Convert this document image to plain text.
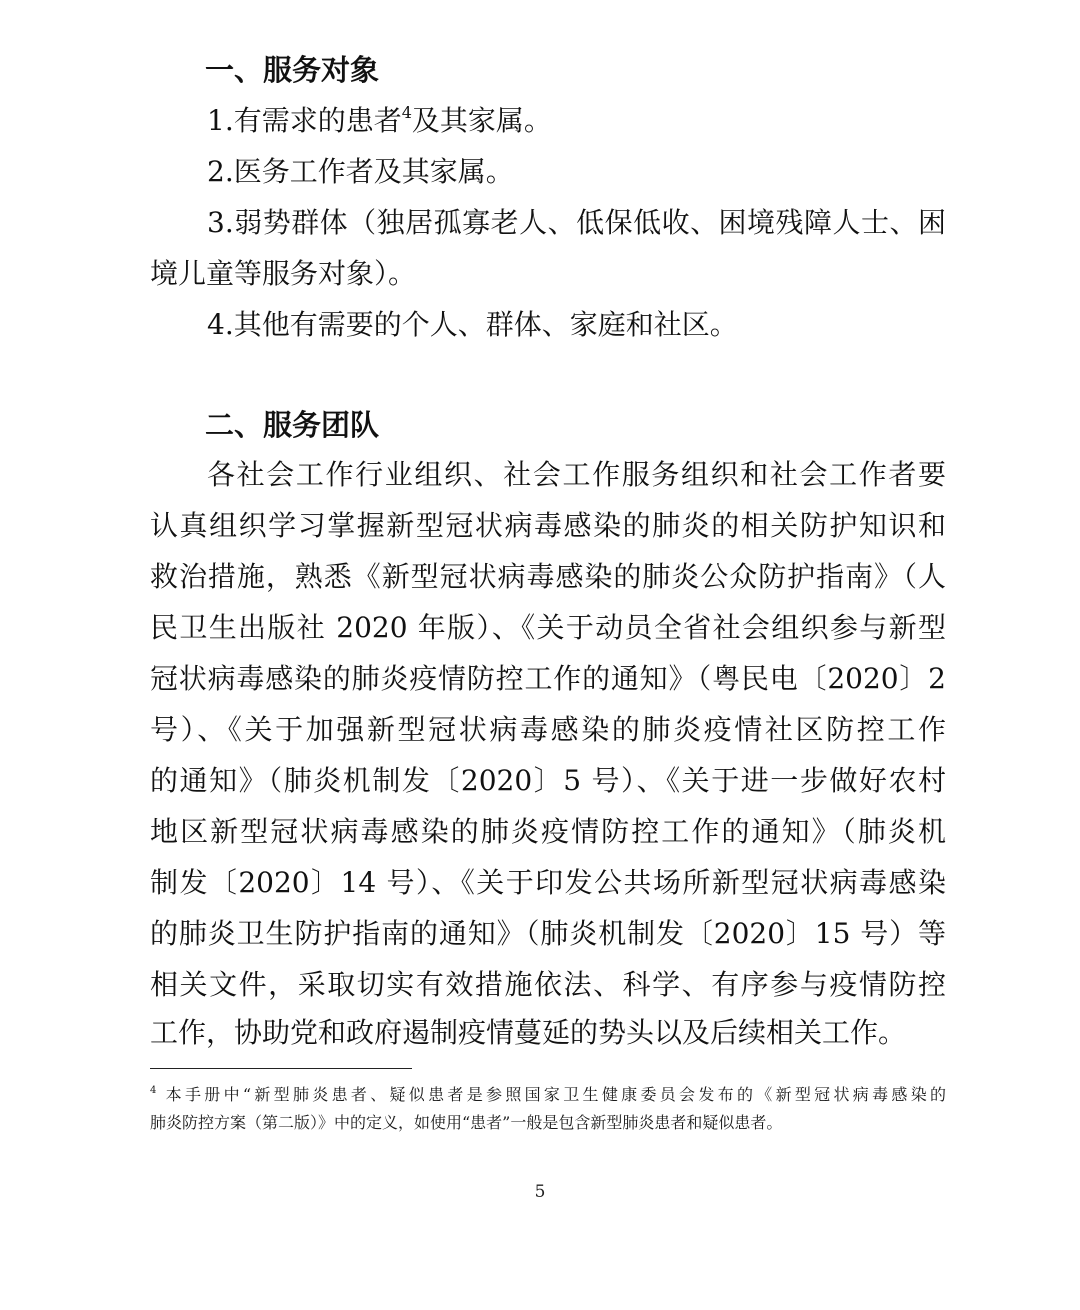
一、服务对象
1.有需求的患者$^4$及其家属。
2.医务工作者及其家属。
3.弱势群体（独居孤寡老人、低保低收、困境残障人士、困
境儿童等服务对象）。
4.其他有需要的个人、群体、家庭和社区。
二、服务团队
各社会工作行业组织、社会工作服务组织和社会工作者要
认真组织学习掌握新型冠状病毒感染的肺炎的相关防护知识和
救治措施，熟悉《新型冠状病毒感染的肺炎公众防护指南》（人
民卫生出版社 2020 年版）、《关于动员全省社会组织参与新型
冠状病毒感染的肺炎疫情防控工作的通知》（粤民电〔2020〕2
号）、《关于加强新型冠状病毒感染的肺炎疫情社区防控工作
的通知》（肺炎机制发〔2020〕5 号）、《关于进一步做好农村
地区新型冠状病毒感染的肺炎疫情防控工作的通知》（肺炎机
制发〔2020〕14 号）、《关于印发公共场所新型冠状病毒感染
的肺炎卫生防护指南的通知》（肺炎机制发〔2020〕15 号）等
相关文件，采取切实有效措施依法、科学、有序参与疫情防控
工作，协助党和政府遏制疫情蔓延的势头以及后续相关工作。
$^4$ 本手册中“新型肺炎患者、疑似患者是参照国家卫生健康委员会发布的《新型冠状病毒感染的
肺炎防控方案（第二版）》中的定义，如使用“患者”一般是包含新型肺炎患者和疑似患者。
5
